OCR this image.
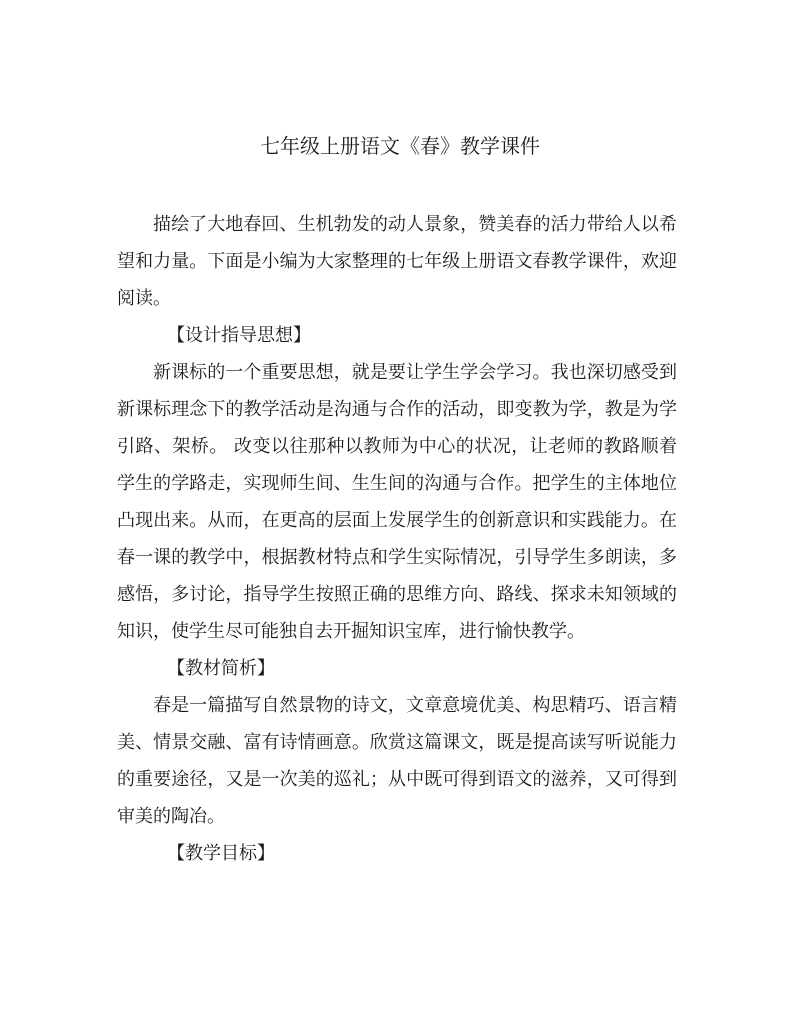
七年级上册语文《春》教学课件

描绘了大地春回、生机勃发的动人景象，赞美春的活力带给人以希望和力量。下面是小编为大家整理的七年级上册语文春教学课件，欢迎阅读。

【设计指导思想】

新课标的一个重要思想，就是要让学生学会学习。我也深切感受到新课标理念下的教学活动是沟通与合作的活动，即变教为学，教是为学引路、架桥。 改变以往那种以教师为中心的状况，让老师的教路顺着学生的学路走，实现师生间、生生间的沟通与合作。把学生的主体地位凸现出来。从而，在更高的层面上发展学生的创新意识和实践能力。在春一课的教学中，根据教材特点和学生实际情况，引导学生多朗读，多感悟，多讨论，指导学生按照正确的思维方向、路线、探求未知领域的知识，使学生尽可能独自去开掘知识宝库，进行愉快教学。

【教材简析】

春是一篇描写自然景物的诗文，文章意境优美、构思精巧、语言精美、情景交融、富有诗情画意。欣赏这篇课文，既是提高读写听说能力的重要途径，又是一次美的巡礼；从中既可得到语文的滋养，又可得到审美的陶冶。

【教学目标】
